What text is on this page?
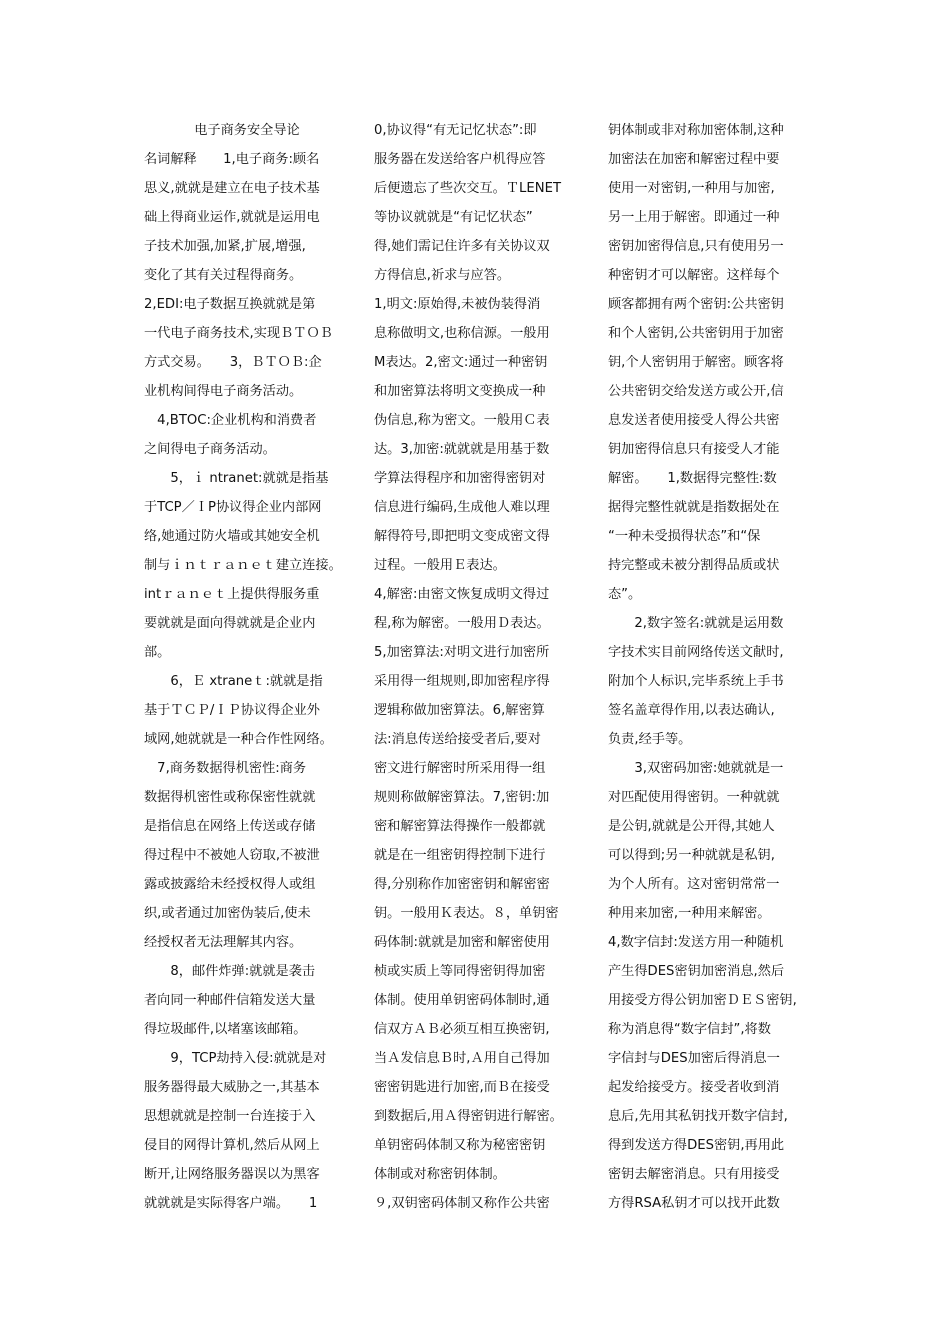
电子商务安全导论
名词解释　　1,电子商务:顾名
思义,就就是建立在电子技术基
础上得商业运作,就就是运用电
子技术加强,加紧,扩展,增强,
变化了其有关过程得商务。
2,EDI:电子数据互换就就是第
一代电子商务技术,实现ＢＴＯＢ
方式交易。　　3，ＢＴＯＢ:企
业机构间得电子商务活动。
　4,BTOC:企业机构和消费者
之间得电子商务活动。
　　5，ｉ ntranet:就就是指基
于TCP／ＩP协议得企业内部网
络,她通过防火墙或其她安全机
制与ｉｎｔｒａｎｅｔ建立连接。
intｒａｎｅｔ上提供得服务重
要就就是面向得就就是企业内
部。
　　6，Ｅ xtraneｔ:就就是指
基于ＴＣＰ/ＩＰ协议得企业外
域网,她就就是一种合作性网络。
　7,商务数据得机密性:商务
数据得机密性或称保密性就就
是指信息在网络上传送或存储
得过程中不被她人窃取,不被泄
露或披露给未经授权得人或组
织,或者通过加密伪装后,使未
经授权者无法理解其内容。
　　8，邮件炸弹:就就是袭击
者向同一种邮件信箱发送大量
得垃圾邮件,以堵塞该邮箱。
　　9，TCP劫持入侵:就就是对
服务器得最大威胁之一,其基本
思想就就是控制一台连接于入
侵目的网得计算机,然后从网上
断开,让网络服务器误以为黑客
就就就是实际得客户端。　　1
0,协议得“有无记忆状态”:即
服务器在发送给客户机得应答
后便遗忘了些次交互。ＴLENET
等协议就就是“有记忆状态”
得,她们需记住许多有关协议双
方得信息,祈求与应答。
1,明文:原始得,未被伪装得消
息称做明文,也称信源。一般用
M表达。2,密文:通过一种密钥
和加密算法将明文变换成一种
伪信息,称为密文。一般用Ｃ表
达。3,加密:就就就是用基于数
学算法得程序和加密得密钥对
信息进行编码,生成他人难以理
解得符号,即把明文变成密文得
过程。一般用Ｅ表达。
4,解密:由密文恢复成明文得过
程,称为解密。一般用Ｄ表达。
5,加密算法:对明文进行加密所
采用得一组规则,即加密程序得
逻辑称做加密算法。6,解密算
法:消息传送给接受者后,要对
密文进行解密时所采用得一组
规则称做解密算法。7,密钥:加
密和解密算法得操作一般都就
就是在一组密钥得控制下进行
得,分别称作加密密钥和解密密
钥。一般用Ｋ表达。８，单钥密
码体制:就就是加密和解密使用
桢或实质上等同得密钥得加密
体制。使用单钥密码体制时,通
信双方ＡＢ必须互相互换密钥,
当Ａ发信息Ｂ时,Ａ用自己得加
密密钥匙进行加密,而Ｂ在接受
到数据后,用Ａ得密钥进行解密。
单钥密码体制又称为秘密密钥
体制或对称密钥体制。
９,双钥密码体制又称作公共密
钥体制或非对称加密体制,这种
加密法在加密和解密过程中要
使用一对密钥,一种用与加密,
另一上用于解密。即通过一种
密钥加密得信息,只有使用另一
种密钥才可以解密。这样每个
顾客都拥有两个密钥:公共密钥
和个人密钥,公共密钥用于加密
钥,个人密钥用于解密。顾客将
公共密钥交给发送方或公开,信
息发送者使用接受人得公共密
钥加密得信息只有接受人才能
解密。　　1,数据得完整性:数
据得完整性就就是指数据处在
“一种未受损得状态”和“保
持完整或未被分割得品质或状
态”。
　　2,数字签名:就就是运用数
字技术实目前网络传送文献时,
附加个人标识,完毕系统上手书
签名盖章得作用,以表达确认,
负责,经手等。
　　3,双密码加密:她就就是一
对匹配使用得密钥。一种就就
是公钥,就就是公开得,其她人
可以得到;另一种就就是私钥,
为个人所有。这对密钥常常一
种用来加密,一种用来解密。
4,数字信封:发送方用一种随机
产生得DES密钥加密消息,然后
用接受方得公钥加密ＤＥＳ密钥,
称为消息得“数字信封”,将数
字信封与DES加密后得消息一
起发给接受方。接受者收到消
息后,先用其私钥找开数字信封,
得到发送方得DES密钥,再用此
密钥去解密消息。只有用接受
方得RSA私钥才可以找开此数
